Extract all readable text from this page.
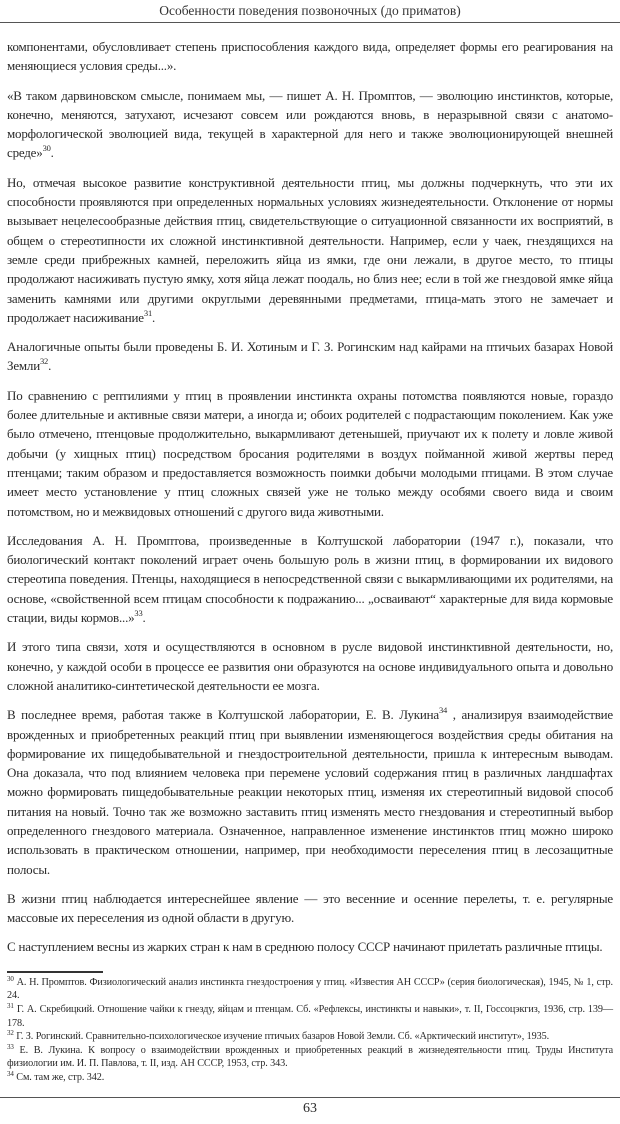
Особенности поведения позвоночных (до приматов)

компонентами, обусловливает степень приспособления каждого вида, определяет формы его реагирования на меняющиеся условия среды...».

«В таком дарвиновском смысле, понимаем мы, — пишет А. Н. Промптов, — эволюцию инстинктов, которые, конечно, меняются, затухают, исчезают совсем или рождаются вновь, в неразрывной связи с анатомо-морфологической эволюцией вида, текущей в характерной для него и также эволюционирующей внешней среде»$^{30}$.

Но, отмечая высокое развитие конструктивной деятельности птиц, мы должны подчеркнуть, что эти их способности проявляются при определенных нормальных условиях жизнедеятельности. Отклонение от нормы вызывает нецелесообразные действия птиц, свидетельствующие о ситуационной связанности их восприятий, в общем о стереотипности их сложной инстинктивной деятельности. Например, если у чаек, гнездящихся на земле среди прибрежных камней, переложить яйца из ямки, где они лежали, в другое место, то птицы продолжают насиживать пустую ямку, хотя яйца лежат поодаль, но близ нее; если в той же гнездовой ямке яйца заменить камнями или другими округлыми деревянными предметами, птица-мать этого не замечает и продолжает насиживание$^{31}$.

Аналогичные опыты были проведены Б. И. Хотиным и Г. З. Рогинским над кайрами на птичьих базарах Новой Земли$^{32}$.

По сравнению с рептилиями у птиц в проявлении инстинкта охраны потомства появляются новые, гораздо более длительные и активные связи матери, а иногда и; обоих родителей с подрастающим поколением. Как уже было отмечено, птенцовые продолжительно, выкармливают детенышей, приучают их к полету и ловле живой добычи (у хищных птиц) посредством бросания родителями в воздух пойманной живой жертвы перед птенцами; таким образом и предоставляется возможность поимки добычи молодыми птицами. В этом случае имеет место установление у птиц сложных связей уже не только между особями своего вида и своим потомством, но и межвидовых отношений с другого вида животными.

Исследования А. Н. Промптова, произведенные в Колтушской лаборатории (1947 г.), показали, что биологический контакт поколений играет очень большую роль в жизни птиц, в формировании их видового стереотипа поведения. Птенцы, находящиеся в непосредственной связи с выкармливающими их родителями, на основе, «свойственной всем птицам способности к подражанию... „осваивают“ характерные для вида кормовые стации, виды кормов...»$^{33}$.

И этого типа связи, хотя и осуществляются в основном в русле видовой инстинктивной деятельности, но, конечно, у каждой особи в процессе ее развития они образуются на основе индивидуального опыта и довольно сложной аналитико-синтетической деятельности ее мозга.

В последнее время, работая также в Колтушской лаборатории, Е. В. Лукина$^{34}$ , анализируя взаимодействие врожденных и приобретенных реакций птиц при выявлении изменяющегося воздействия среды обитания на формирование их пищедобывательной и гнездостроительной деятельности, пришла к интересным выводам. Она доказала, что под влиянием человека при перемене условий содержания птиц в различных ландшафтах можно формировать пищедобывательные реакции некоторых птиц, изменяя их стереотипный видовой способ питания на новый. Точно так же возможно заставить птиц изменять место гнездования и стереотипный выбор определенного гнездового материала. Означенное, направленное изменение инстинктов птиц можно широко использовать в практическом отношении, например, при необходимости переселения птиц в лесозащитные полосы.

В жизни птиц наблюдается интереснейшее явление — это весенние и осенние перелеты, т. е. регулярные массовые их переселения из одной области в другую.

С наступлением весны из жарких стран к нам в среднюю полосу СССР начинают прилетать различные птицы.

$^{30}$ А. Н. Промптов. Физиологический анализ инстинкта гнездостроения у птиц. «Известия АН СССР» (серия биологическая), 1945, № 1, стр. 24.

$^{31}$ Г. А. Скребицкий. Отношение чайки к гнезду, яйцам и птенцам. Сб. «Рефлексы, инстинкты и навыки», т. II, Госсоцэкгиз, 1936, стр. 139—178.

$^{32}$ Г. З. Рогинский. Сравнительно-психологическое изучение птичьих базаров Новой Земли. Сб. «Арктический институт», 1935.

$^{33}$ Е. В. Лукина. К вопросу о взаимодействии врожденных и приобретенных реакций в жизнедеятельности птиц. Труды Института физиологии им. И. П. Павлова, т. II, изд. АН СССР, 1953, стр. 343.

$^{34}$ См. там же, стр. 342.

63
